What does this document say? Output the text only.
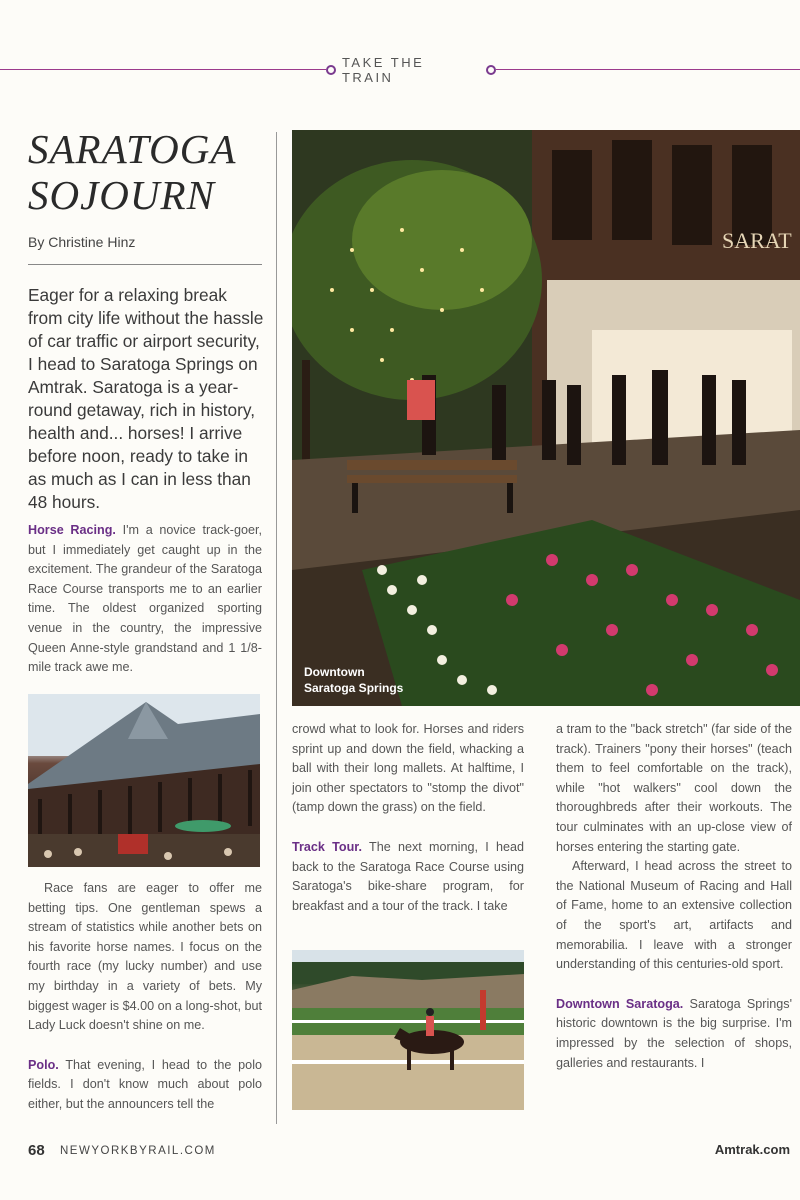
TAKE THE TRAIN
SARATOGA
SOJOURN
By Christine Hinz
Eager for a relaxing break from city life without the hassle of car traffic or airport security, I head to Saratoga Springs on Amtrak. Saratoga is a year-round getaway, rich in history, health and... horses! I arrive before noon, ready to take in as much as I can in less than 48 hours.

Horse Racing. I'm a novice track-goer, but I immediately get caught up in the excitement. The grandeur of the Saratoga Race Course transports me to an earlier time. The oldest organized sporting venue in the country, the impressive Queen Anne-style grandstand and 1 1/8-mile track awe me.

Race fans are eager to offer me betting tips. One gentleman spews a stream of statistics while another bets on his favorite horse names. I focus on the fourth race (my lucky number) and use my birthday in a variety of bets. My biggest wager is $4.00 on a long-shot, but Lady Luck doesn't shine on me.

Polo. That evening, I head to the polo fields. I don't know much about polo either, but the announcers tell the

SARAT
Downtown
Saratoga Springs

crowd what to look for. Horses and riders sprint up and down the field, whacking a ball with their long mallets. At halftime, I join other spectators to "stomp the divot" (tamp down the grass) on the field.

Track Tour. The next morning, I head back to the Saratoga Race Course using Saratoga's bike-share program, for breakfast and a tour of the track. I take

a tram to the "back stretch" (far side of the track). Trainers "pony their horses" (teach them to feel comfortable on the track), while "hot walkers" cool down the thoroughbreds after their workouts. The tour culminates with an up-close view of horses entering the starting gate.

Afterward, I head across the street to the National Museum of Racing and Hall of Fame, home to an extensive collection of the sport's art, artifacts and memorabilia. I leave with a stronger understanding of this centuries-old sport.

Downtown Saratoga. Saratoga Springs' historic downtown is the big surprise. I'm impressed by the selection of shops, galleries and restaurants. I

68 NEWYORKBYRAIL.COM	Amtrak.com
